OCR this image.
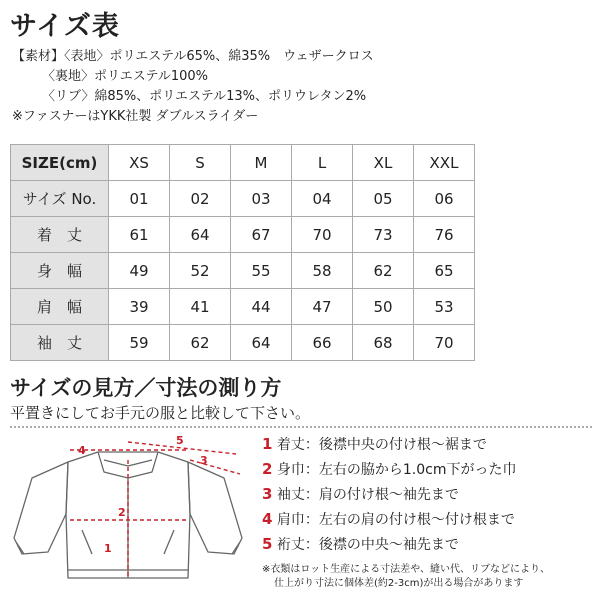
サイズ表
【素材】〈表地〉ポリエステル65%、綿35%　ウェザークロス
〈裏地〉ポリエステル100%
〈リブ〉綿85%、ポリエステル13%、ポリウレタン2%
※ファスナーはYKK社製 ダブルスライダー
SIZE(cm)	XS	S	M	L	XL	XXL
サイズ No.	01	02	03	04	05	06
着　丈	61	64	67	70	73	76
身　幅	49	52	55	58	62	65
肩　幅	39	41	44	47	50	53
袖　丈	59	62	64	66	68	70
サイズの見方／寸法の測り方
平置きにしてお手元の服と比較して下さい。
1
2
3
4
5	1 着丈：後襟中央の付け根〜裾まで
2 身巾：左右の脇から1.0cm下がった巾
3 袖丈：肩の付け根〜袖先まで
4 肩巾：左右の肩の付け根〜付け根まで
5 裄丈：後襟の中央〜袖先まで
※衣類はロット生産による寸法差や、縫い代、リブなどにより、
仕上がり寸法に個体差(約2-3cm)が出る場合があります
